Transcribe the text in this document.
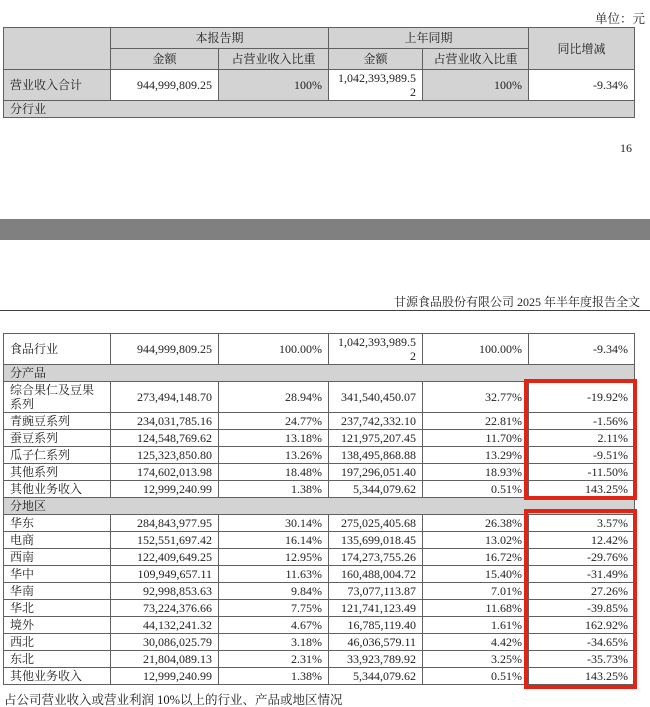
单位：元
	本报告期		上年同期		同比增减
	金额	占营业收入比重	金额	占营业收入比重	
营业收入合计	944,999,809.25	100%	1,042,393,989.52	100%	-9.34%
分行业					
16
甘源食品股份有限公司 2025 年半年度报告全文
食品行业	944,999,809.25	100.00%	1,042,393,989.52	100.00%	-9.34%
分产品					
综合果仁及豆果系列	273,494,148.70	28.94%	341,540,450.07	32.77%	-19.92%
青豌豆系列	234,031,785.16	24.77%	237,742,332.10	22.81%	-1.56%
蚕豆系列	124,548,769.62	13.18%	121,975,207.45	11.70%	2.11%
瓜子仁系列	125,323,850.80	13.26%	138,495,868.88	13.29%	-9.51%
其他系列	174,602,013.98	18.48%	197,296,051.40	18.93%	-11.50%
其他业务收入	12,999,240.99	1.38%	5,344,079.62	0.51%	143.25%
分地区					
华东	284,843,977.95	30.14%	275,025,405.68	26.38%	3.57%
电商	152,551,697.42	16.14%	135,699,018.45	13.02%	12.42%
西南	122,409,649.25	12.95%	174,273,755.26	16.72%	-29.76%
华中	109,949,657.11	11.63%	160,488,004.72	15.40%	-31.49%
华南	92,998,853.63	9.84%	73,077,113.87	7.01%	27.26%
华北	73,224,376.66	7.75%	121,741,123.49	11.68%	-39.85%
境外	44,132,241.32	4.67%	16,785,119.40	1.61%	162.92%
西北	30,086,025.79	3.18%	46,036,579.11	4.42%	-34.65%
东北	21,804,089.13	2.31%	33,923,789.92	3.25%	-35.73%
其他业务收入	12,999,240.99	1.38%	5,344,079.62	0.51%	143.25%
占公司营业收入或营业利润 10%以上的行业、产品或地区情况
